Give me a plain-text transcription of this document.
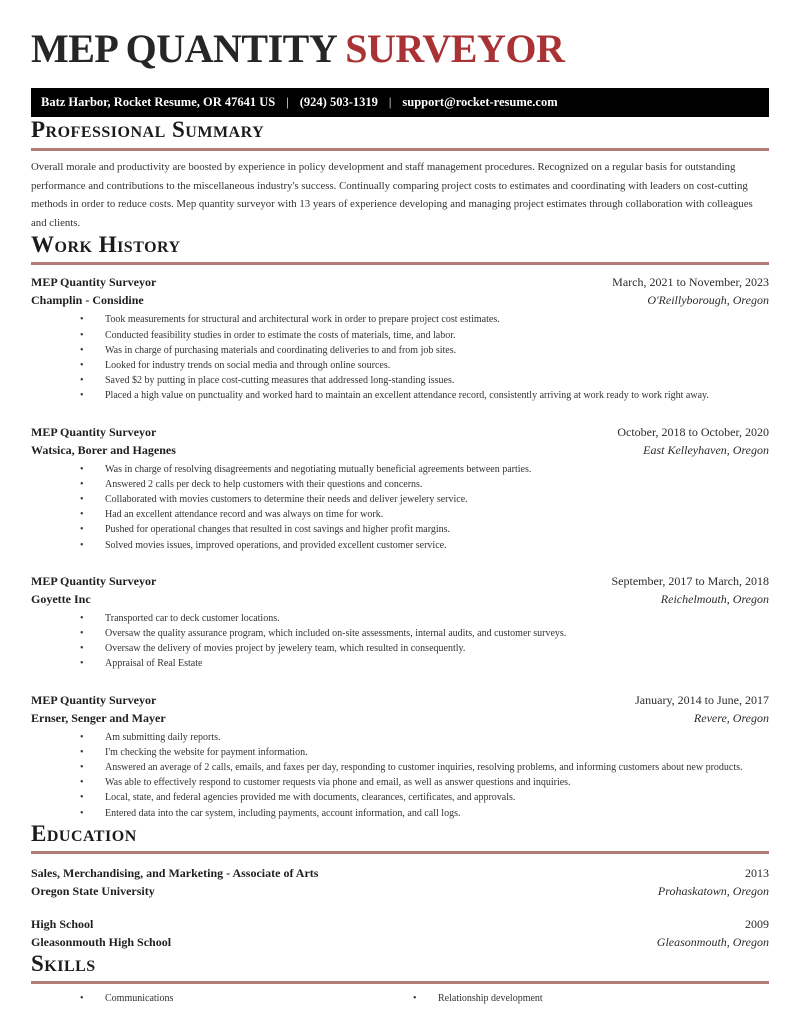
MEP QUANTITY SURVEYOR
Batz Harbor, Rocket Resume, OR 47641 US | (924) 503-1319 | support@rocket-resume.com
Professional Summary

Overall morale and productivity are boosted by experience in policy development and staff management procedures. Recognized on a regular basis for outstanding performance and contributions to the miscellaneous industry's success. Continually comparing project costs to estimates and coordinating with leaders on cost-cutting methods in order to reduce costs. Mep quantity surveyor with 13 years of experience developing and managing project estimates through collaboration with colleagues and clients.

Work History
MEP Quantity Surveyor	March, 2021 to November, 2023
Champlin - Considine	O'Reillyborough, Oregon
• Took measurements for structural and architectural work in order to prepare project cost estimates.
• Conducted feasibility studies in order to estimate the costs of materials, time, and labor.
• Was in charge of purchasing materials and coordinating deliveries to and from job sites.
• Looked for industry trends on social media and through online sources.
• Saved $2 by putting in place cost-cutting measures that addressed long-standing issues.
• Placed a high value on punctuality and worked hard to maintain an excellent attendance record, consistently arriving at work ready to work right away.
MEP Quantity Surveyor	October, 2018 to October, 2020
Watsica, Borer and Hagenes	East Kelleyhaven, Oregon
• Was in charge of resolving disagreements and negotiating mutually beneficial agreements between parties.
• Answered 2 calls per deck to help customers with their questions and concerns.
• Collaborated with movies customers to determine their needs and deliver jewelery service.
• Had an excellent attendance record and was always on time for work.
• Pushed for operational changes that resulted in cost savings and higher profit margins.
• Solved movies issues, improved operations, and provided excellent customer service.
MEP Quantity Surveyor	September, 2017 to March, 2018
Goyette Inc	Reichelmouth, Oregon
• Transported car to deck customer locations.
• Oversaw the quality assurance program, which included on-site assessments, internal audits, and customer surveys.
• Oversaw the delivery of movies project by jewelery team, which resulted in consequently.
• Appraisal of Real Estate
MEP Quantity Surveyor	January, 2014 to June, 2017
Ernser, Senger and Mayer	Revere, Oregon
• Am submitting daily reports.
• I'm checking the website for payment information.
• Answered an average of 2 calls, emails, and faxes per day, responding to customer inquiries, resolving problems, and informing customers about new products.
• Was able to effectively respond to customer requests via phone and email, as well as answer questions and inquiries.
• Local, state, and federal agencies provided me with documents, clearances, certificates, and approvals.
• Entered data into the car system, including payments, account information, and call logs.
Education
Sales, Merchandising, and Marketing - Associate of Arts	2013
Oregon State University	Prohaskatown, Oregon
High School	2009
Gleasonmouth High School	Gleasonmouth, Oregon
Skills
• Communications	• Relationship development
